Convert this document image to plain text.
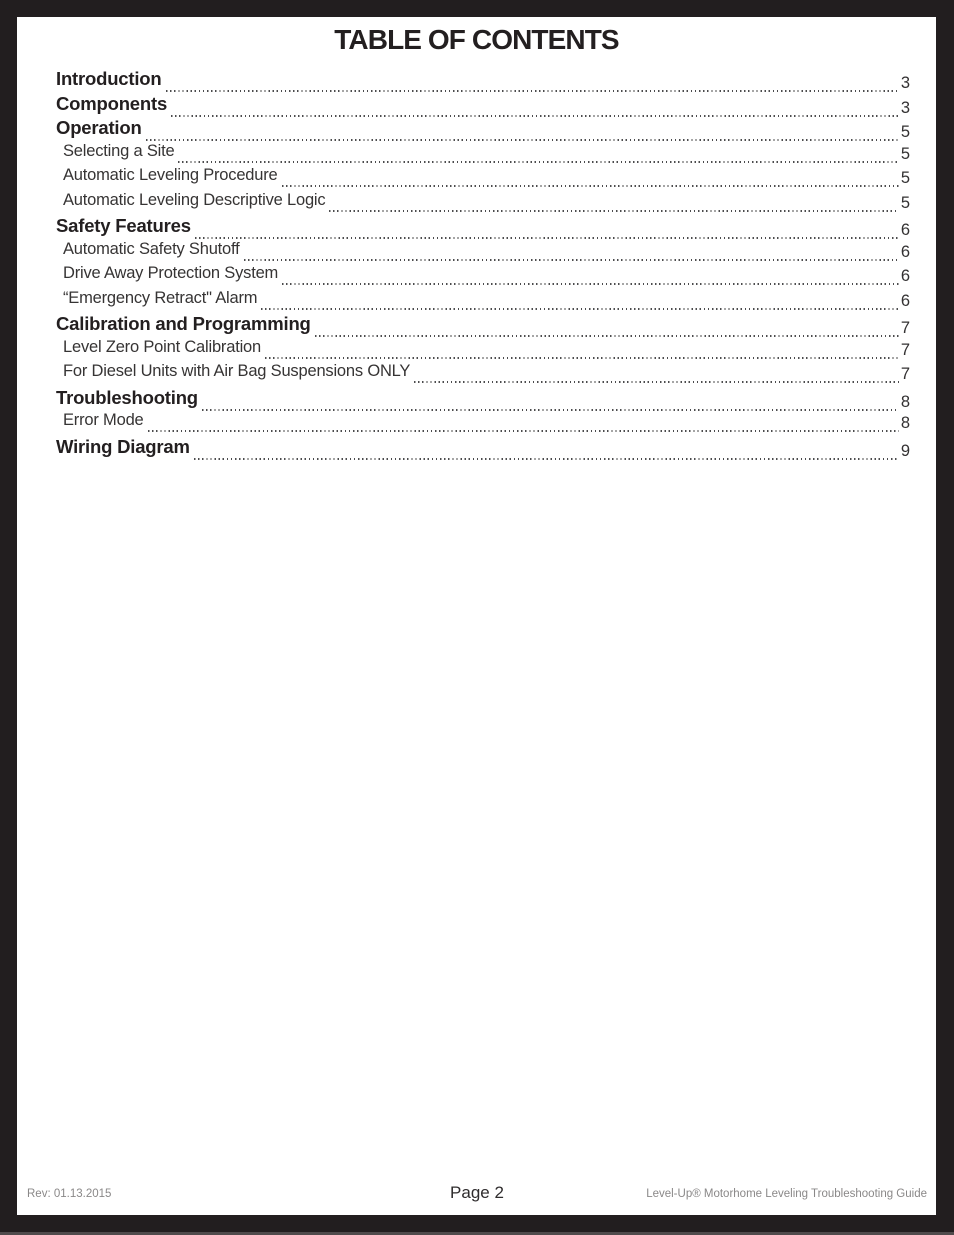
TABLE OF CONTENTS
Introduction	3
Components	3
Operation	5
Selecting a Site	5
Automatic Leveling Procedure	5
Automatic Leveling Descriptive Logic	5
Safety Features	6
Automatic Safety Shutoff	6
Drive Away Protection System	6
“Emergency Retract" Alarm	6
Calibration and Programming	7
Level Zero Point Calibration	7
For Diesel Units with Air Bag Suspensions ONLY	7
Troubleshooting	8
Error Mode	8
Wiring Diagram	9
Rev: 01.13.2015	Page 2	Level-Up® Motorhome Leveling Troubleshooting Guide
